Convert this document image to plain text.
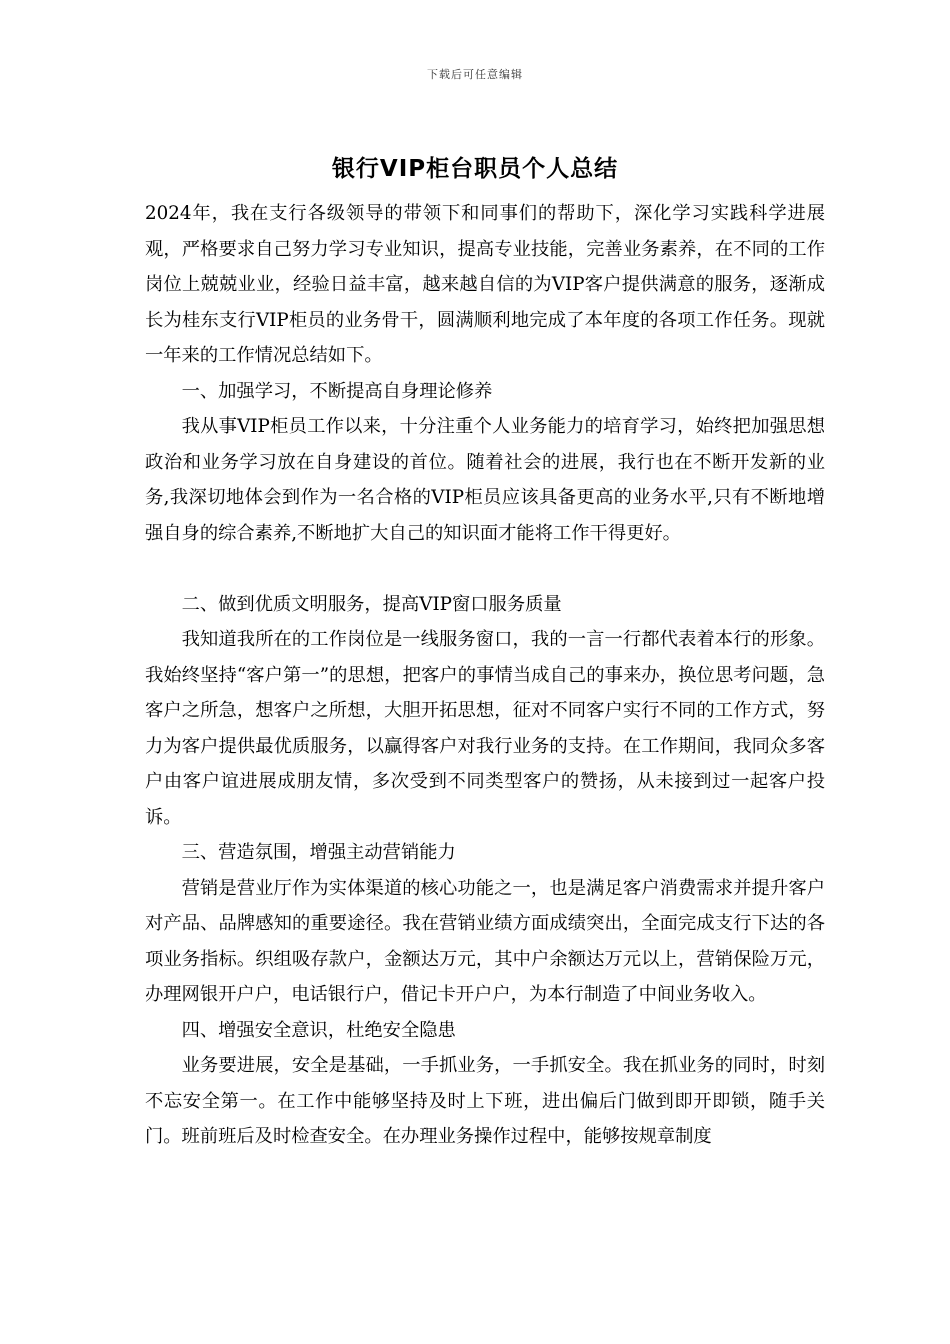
下载后可任意编辑
银行VIP柜台职员个人总结

2024年，我在支行各级领导的带领下和同事们的帮助下，深化学习实践科学进展观，严格要求自己努力学习专业知识，提高专业技能，完善业务素养，在不同的工作岗位上兢兢业业，经验日益丰富，越来越自信的为VIP客户提供满意的服务，逐渐成长为桂东支行VIP柜员的业务骨干，圆满顺利地完成了本年度的各项工作任务。现就一年来的工作情况总结如下。

一、加强学习，不断提高自身理论修养

我从事VIP柜员工作以来，十分注重个人业务能力的培育学习，始终把加强思想政治和业务学习放在自身建设的首位。随着社会的进展，我行也在不断开发新的业务,我深切地体会到作为一名合格的VIP柜员应该具备更高的业务水平,只有不断地增强自身的综合素养,不断地扩大自己的知识面才能将工作干得更好。

二、做到优质文明服务，提高VIP窗口服务质量

我知道我所在的工作岗位是一线服务窗口，我的一言一行都代表着本行的形象。我始终坚持“客户第一”的思想，把客户的事情当成自己的事来办，换位思考问题，急客户之所急，想客户之所想，大胆开拓思想，征对不同客户实行不同的工作方式，努力为客户提供最优质服务，以赢得客户对我行业务的支持。在工作期间，我同众多客户由客户谊进展成朋友情，多次受到不同类型客户的赞扬，从未接到过一起客户投诉。

三、营造氛围，增强主动营销能力

营销是营业厅作为实体渠道的核心功能之一，也是满足客户消费需求并提升客户对产品、品牌感知的重要途径。我在营销业绩方面成绩突出，全面完成支行下达的各项业务指标。织组吸存款户，金额达万元，其中户余额达万元以上，营销保险万元，办理网银开户户，电话银行户，借记卡开户户，为本行制造了中间业务收入。

四、增强安全意识，杜绝安全隐患

业务要进展，安全是基础，一手抓业务，一手抓安全。我在抓业务的同时，时刻不忘安全第一。在工作中能够坚持及时上下班，进出偏后门做到即开即锁，随手关门。班前班后及时检查安全。在办理业务操作过程中，能够按规章制度
